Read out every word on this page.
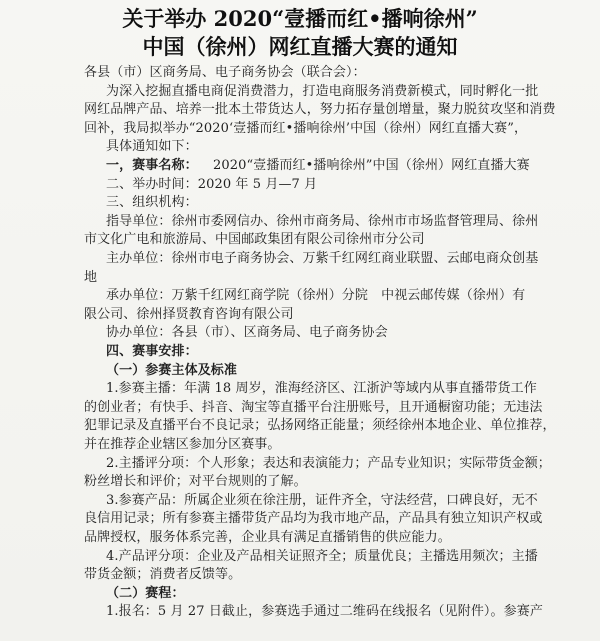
关于举办 2020“壹播而红•播响徐州”
中国（徐州）网红直播大赛的通知
各县（市）区商务局、电子商务协会（联合会）：
为深入挖掘直播电商促消费潜力，打造电商服务消费新模式，同时孵化一批
网红品牌产品、培养一批本土带货达人，努力拓存量创增量，聚力脱贫攻坚和消费
回补，我局拟举办“2020‘壹播而红•播响徐州’中国（徐州）网红直播大赛”，
具体通知如下：
一，赛事名称： 2020“壹播而红•播响徐州”中国（徐州）网红直播大赛
二、举办时间：2020 年 5 月—7 月
三、组织机构：
指导单位：徐州市委网信办、徐州市商务局、徐州市市场监督管理局、徐州
市文化广电和旅游局、中国邮政集团有限公司徐州市分公司
主办单位：徐州市电子商务协会、万紫千红网红商业联盟、云邮电商众创基
地
承办单位：万紫千红网红商学院（徐州）分院　中视云邮传媒（徐州）有
限公司、徐州择贤教育咨询有限公司
协办单位：各县（市）、区商务局、电子商务协会
四、赛事安排：
（一）参赛主体及标准
1.参赛主播：年满 18 周岁，淮海经济区、江浙沪等域内从事直播带货工作
的创业者；有快手、抖音、淘宝等直播平台注册账号，且开通橱窗功能；无违法
犯罪记录及直播平台不良记录；弘扬网络正能量；须经徐州本地企业、单位推荐，
并在推荐企业辖区参加分区赛事。
2.主播评分项：个人形象；表达和表演能力；产品专业知识；实际带货金额；
粉丝增长和评价；对平台规则的了解。
3.参赛产品：所属企业须在徐注册，证件齐全，守法经营，口碑良好，无不
良信用记录；所有参赛主播带货产品均为我市地产品，产品具有独立知识产权或
品牌授权，服务体系完善，企业具有满足直播销售的供应能力。
4.产品评分项：企业及产品相关证照齐全；质量优良；主播选用频次；主播
带货金额；消费者反馈等。
（二）赛程：
1.报名：5 月 27 日截止，参赛选手通过二维码在线报名（见附件）。参赛产
